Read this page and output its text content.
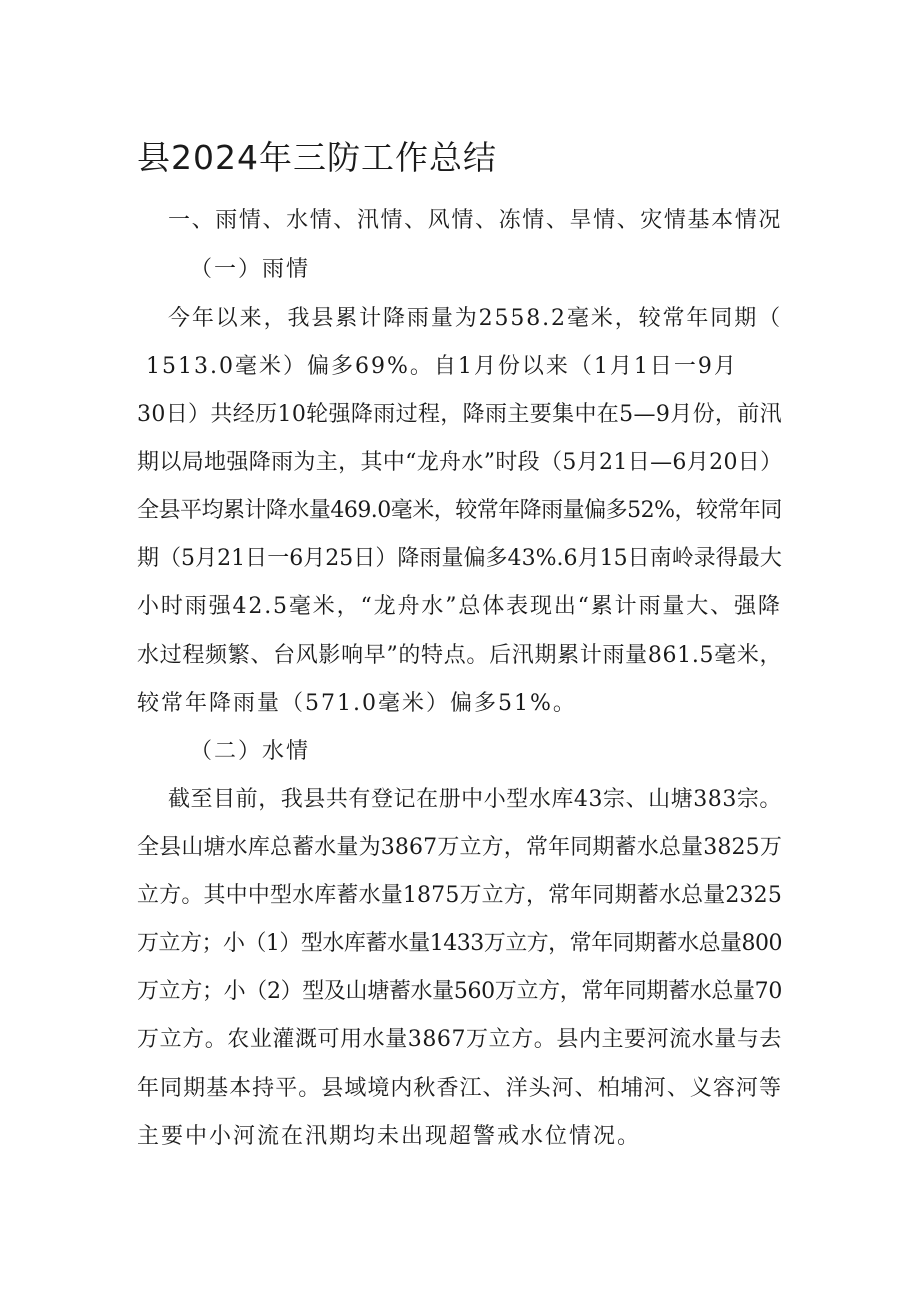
县2024年三防工作总结
一、雨情、水情、汛情、风情、冻情、旱情、灾情基本情况
（一）雨情
今年以来，我县累计降雨量为2558.2毫米，较常年同期（
1513.0毫米）偏多69%。自1月份以来（1月1日一9月
30日）共经历10轮强降雨过程，降雨主要集中在5—9月份，前汛
期以局地强降雨为主，其中“龙舟水”时段（5月21日—6月20日）
全县平均累计降水量469.0毫米，较常年降雨量偏多52%，较常年同
期（5月21日一6月25日）降雨量偏多43%.6月15日南岭录得最大
小时雨强42.5毫米，“龙舟水”总体表现出“累计雨量大、强降
水过程频繁、台风影响早”的特点。后汛期累计雨量861.5毫米，
较常年降雨量（571.0毫米）偏多51%。
（二）水情
截至目前，我县共有登记在册中小型水库43宗、山塘383宗。
全县山塘水库总蓄水量为3867万立方，常年同期蓄水总量3825万
立方。其中中型水库蓄水量1875万立方，常年同期蓄水总量2325
万立方；小（1）型水库蓄水量1433万立方，常年同期蓄水总量800
万立方；小（2）型及山塘蓄水量560万立方，常年同期蓄水总量70
万立方。农业灌溉可用水量3867万立方。县内主要河流水量与去
年同期基本持平。县域境内秋香江、洋头河、柏埔河、义容河等
主要中小河流在汛期均未出现超警戒水位情况。
